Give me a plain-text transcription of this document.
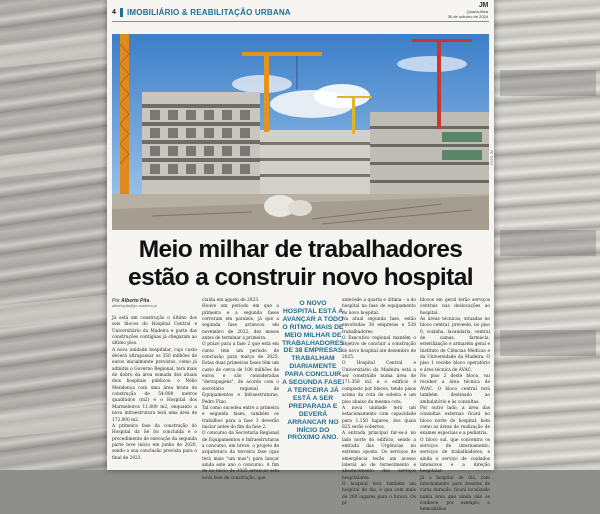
4 IMOBILIÁRIO & REABILITAÇÃO URBANA
JM
Quarta-feira
30 de outubro de 2024
FOTO JM
Meio milhar de trabalhadores
estão a construir novo hospital
Por Alberto Pita
albertopita@jm-madeira.pt

Já está em construção o último dos seis blocos do Hospital Central e Universitário da Madeira e parte das construções contíguas já chegaram ao último piso.

A nova unidade hospitalar, cujo custo deverá ultrapassar os 350 milhões de euros inicialmente previstos, como já admitiu o Governo Regional, terá mais do dobro da área somada dos atuais dois hospitais públicos: o Nélio Mendonça com uma área bruta de construção de 54.000 metros quadrados (m2) e o Hospital dos Marmeleiros 11.800 m2, enquanto a nova infraestrutura terá uma área de 172.000 m2.

A primeira fase da construção do Hospital da Sé foi concluída e o procedimento de execução da segunda parte teve início em junho de 2020, sendo a sua conclusão prevista para o final de 2023.

cluída em agosto de 2023.

Houve um período em que a primeira e a segunda fases correram em paralelo, já que a segunda fase arrancou em novembro de 2022, dez meses antes de terminar a primeira.

O prazo para a fase 2 que está em curso tem um período de conclusão para março de 2025. Estas duas primeiras fases têm um custo de cerca de 100 milhões de euros e são consideradas "derrapagens", de acordo com o secretário regional de Equipamentos e Infraestruturas, Pedro Fino.

Tal como sucedeu entre a primeira e segunda fases, também os trabalhos para a fase 3 deverão iniciar antes do fim da fase 2.

O concurso da Secretaria Regional de Equipamentos e Infraestruturas a concurso, em breve, o projeto de arquitetura da terceira fase (que terá mais "um mas") para lançar ainda este ano o concurso. A fim de no início de 2025 arrancar esta nova fase de construção, que

O NOVO HOSPITAL ESTÁ A AVANÇAR A TODO O RITMO. MAIS DE MEIO MILHAR DE TRABALHADORES DE 38 EMPRESAS TRABALHAM DIARIAMENTE PARA CONCLUIR A SEGUNDA FASE. A TERCEIRA JÁ ESTÁ A SER PREPARADA E DEVERÁ ARRANCAR NO INÍCIO DO PRÓXIMO ANO.

antecede a quarta e última – a do hospital na fase de equipamento do novo hospital.

Na atual segunda fase, estão envolvidas 38 empresas e 538 trabalhadores.

O Executivo regional mantém o objetivo de concluir a construção do novo hospital até dezembro de 2025.

O Hospital Central e Universitário da Madeira está a ser construído numa área de 171.358 m2 e o edifício é composto por blocos, tendo pisos acima da cota de soleira e um piso abaixo da mesma cota.

A nova unidade terá um estacionamento com capacidade para 1.150 lugares, dos quais 825 serão cobertos.

A entrada principal far-se-á no lado norte do edifício, sendo a entrada das Urgências no extremo oposto. Os serviços de emergência terão um acesso lateral ao de fornecimento e abastecimento dos serviços hospitalares.

O hospital terá também um hospital de dia, e que com mais de 260 lugares para o futuro. Os pi-

blocos em geral terão serviços centrais nas deslocações ao hospital.

As áreas técnicas, situadas no bloco central, preveem, no piso 0, cozinha, lavandaria, central de camas, farmácia, esterilização e armazém geral e Instituto de Ciências Médicas e da Universidade da Madeira. O piso 1 recebe bloco operatório e área técnica de AVAC.

No piso 2 deste bloco, vai receber a área técnica de AVAC. O bloco central terá também destinado ao ambulatório e às consultas.

Por outro lado, a área das consultas externas ficará no bloco norte do hospital, bem como as áreas de realização de exames especiais e a pediatria.

O bloco sul, que concentra os serviços de internamento, serviços de trabalhadores, e ainda o serviço de cuidados intensivos e a direção hospitalar.

Já o hospital de dia, com internamento para doentes de curta duração, ficará localizado numa área que ainda não se conhece, por exemplo, a hemodiálise.
